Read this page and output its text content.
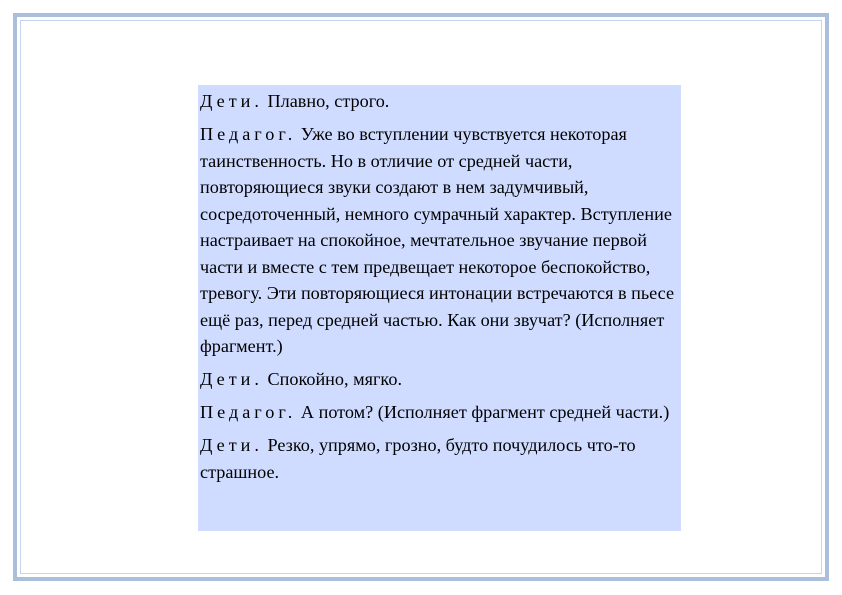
Дети. Плавно, строго.

Педагог. Уже во вступлении чувствуется некоторая таинственность. Но в отличие от средней части, повторяющиеся звуки создают в нем задумчивый, сосредоточенный, немного сумрачный характер. Вступление настраивает на спокойное, мечтательное звучание первой части и вместе с тем предвещает некоторое беспокойство, тревогу. Эти повторяющиеся интонации встречаются в пьесе ещё раз, перед средней частью. Как они звучат? (Исполняет фрагмент.)

Дети. Спокойно, мягко.

Педагог. А потом? (Исполняет фрагмент средней части.)

Дети. Резко, упрямо, грозно, будто почудилось что-то страшное.
